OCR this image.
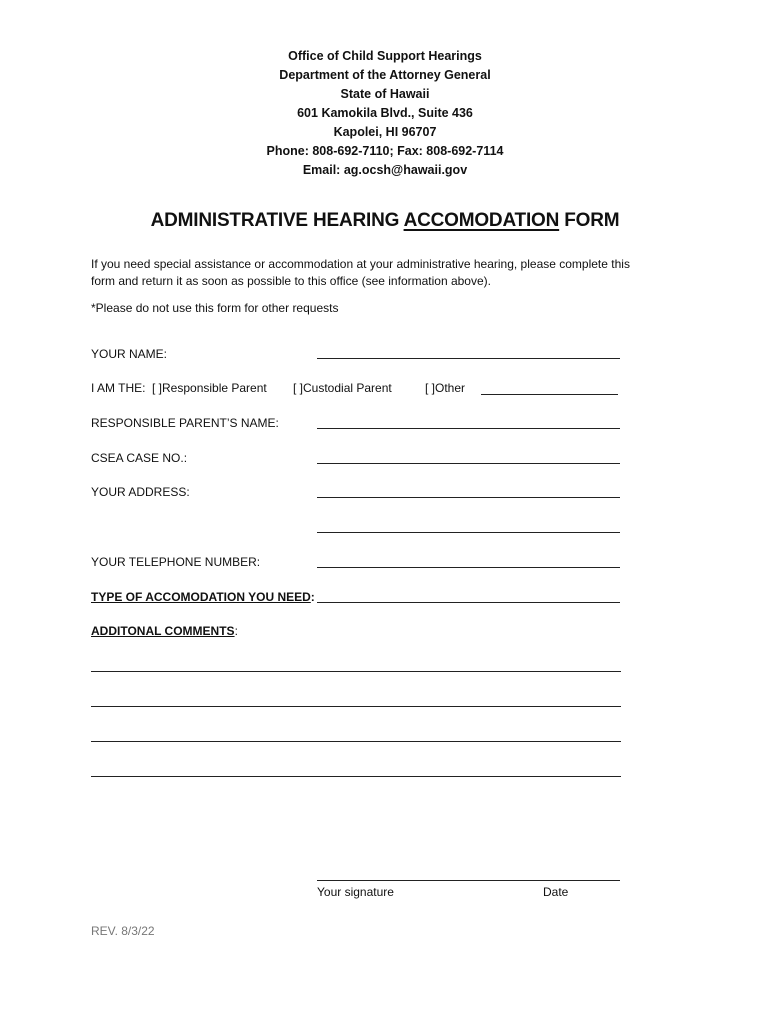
Office of Child Support Hearings
Department of the Attorney General
State of Hawaii
601 Kamokila Blvd., Suite 436
Kapolei, HI 96707
Phone: 808-692-7110; Fax: 808-692-7114
Email: ag.ocsh@hawaii.gov
ADMINISTRATIVE HEARING ACCOMODATION FORM
If you need special assistance or accommodation at your administrative hearing, please complete this
form and return it as soon as possible to this office (see information above).
*Please do not use this form for other requests
YOUR NAME:
I AM THE: [ ]Responsible Parent [ ]Custodial Parent	[ ]Other
RESPONSIBLE PARENT’S NAME:
CSEA CASE NO.:
YOUR ADDRESS:
YOUR TELEPHONE NUMBER:
TYPE OF ACCOMODATION YOU NEED:
ADDITONAL COMMENTS:
Your signature	Date
REV. 8/3/22
